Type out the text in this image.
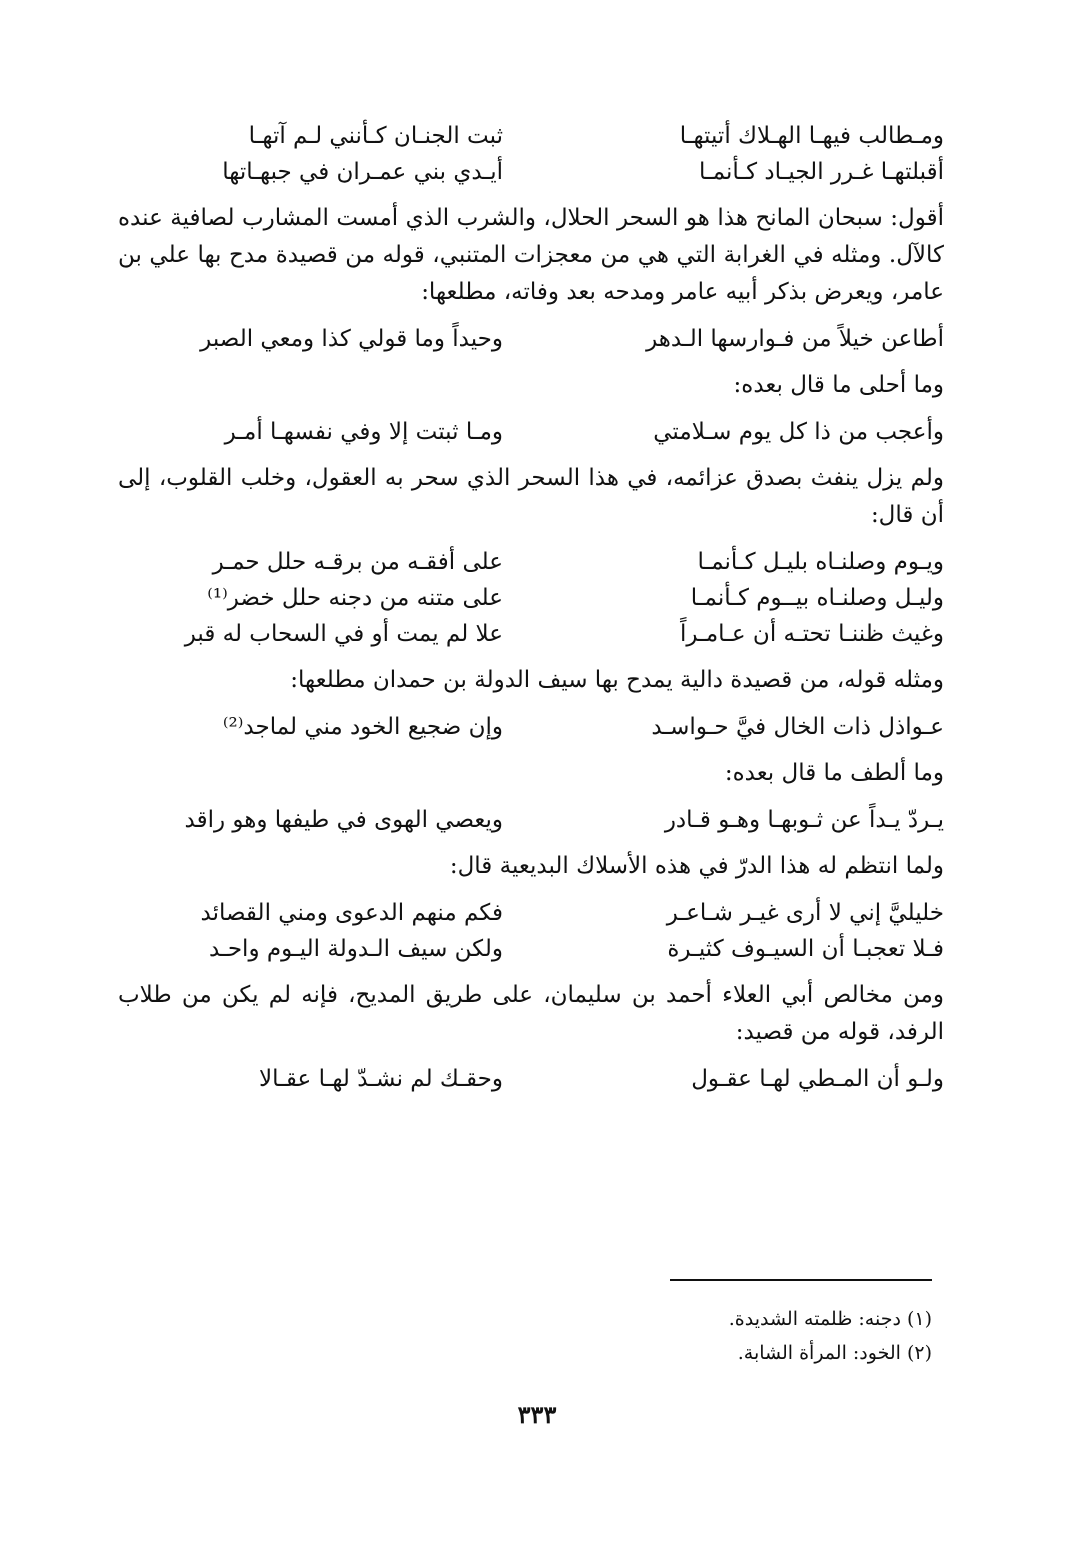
ومـطالب فيهـا الهـلاك أتيتهـا
ثبت الجنـان كـأنني لـم آتهـا
أقبلتهـا غـرر الجيـاد كـأنمـا
أيـدي بني عمـران في جبهـاتها

أقول: سبحان المانح هذا هو السحر الحلال، والشرب الذي أمست المشارب لصافية عنده كالآل. ومثله في الغرابة التي هي من معجزات المتنبي، قوله من قصيدة مدح بها علي بن عامر، ويعرض بذكر أبيه عامر ومدحه بعد وفاته، مطلعها:

أطاعن خيلاً من فـوارسها الـدهر
وحيداً وما قولي كذا ومعي الصبر

وما أحلى ما قال بعده:

وأعجب من ذا كل يوم سـلامتي
ومـا ثبتت إلا وفي نفسهـا أمـر

ولم يزل ينفث بصدق عزائمه، في هذا السحر الذي سحر به العقول، وخلب القلوب، إلى أن قال:

ويـوم وصلنـاه بليـل كـأنمـا
على أفقـه من برقـه حلل حمـر
وليـل وصلنـاه بيــوم كـأنمـا
على متنه من دجنه حلل خضر⁽¹⁾
وغيث ظننـا تحتـه أن عـامـراً
علا لم يمت أو في السحاب له قبر

ومثله قوله، من قصيدة دالية يمدح بها سيف الدولة بن حمدان مطلعها:

عـواذل ذات الخال فيَّ حـواسـد
وإن ضجيع الخود مني لماجد⁽²⁾

وما ألطف ما قال بعده:

يـردّ يـداً عن ثـوبهـا وهـو قـادر
ويعصي الهوى في طيفها وهو راقد

ولما انتظم له هذا الدرّ في هذه الأسلاك البديعية قال:

خليليَّ إني لا أرى غيـر شـاعـر
فكم منهم الدعوى ومني القصائد
فـلا تعجبـا أن السيـوف كثيـرة
ولكن سيف الـدولة اليـوم واحـد

ومن مخالص أبي العلاء أحمد بن سليمان، على طريق المديح، فإنه لم يكن من طلاب الرفد، قوله من قصيد:

ولـو أن المـطي لهـا عقـول
وحقـك لم نشـدّ لهـا عقـالا
(١) دجنه: ظلمته الشديدة.
(٢) الخود: المرأة الشابة.
٣٣٣
